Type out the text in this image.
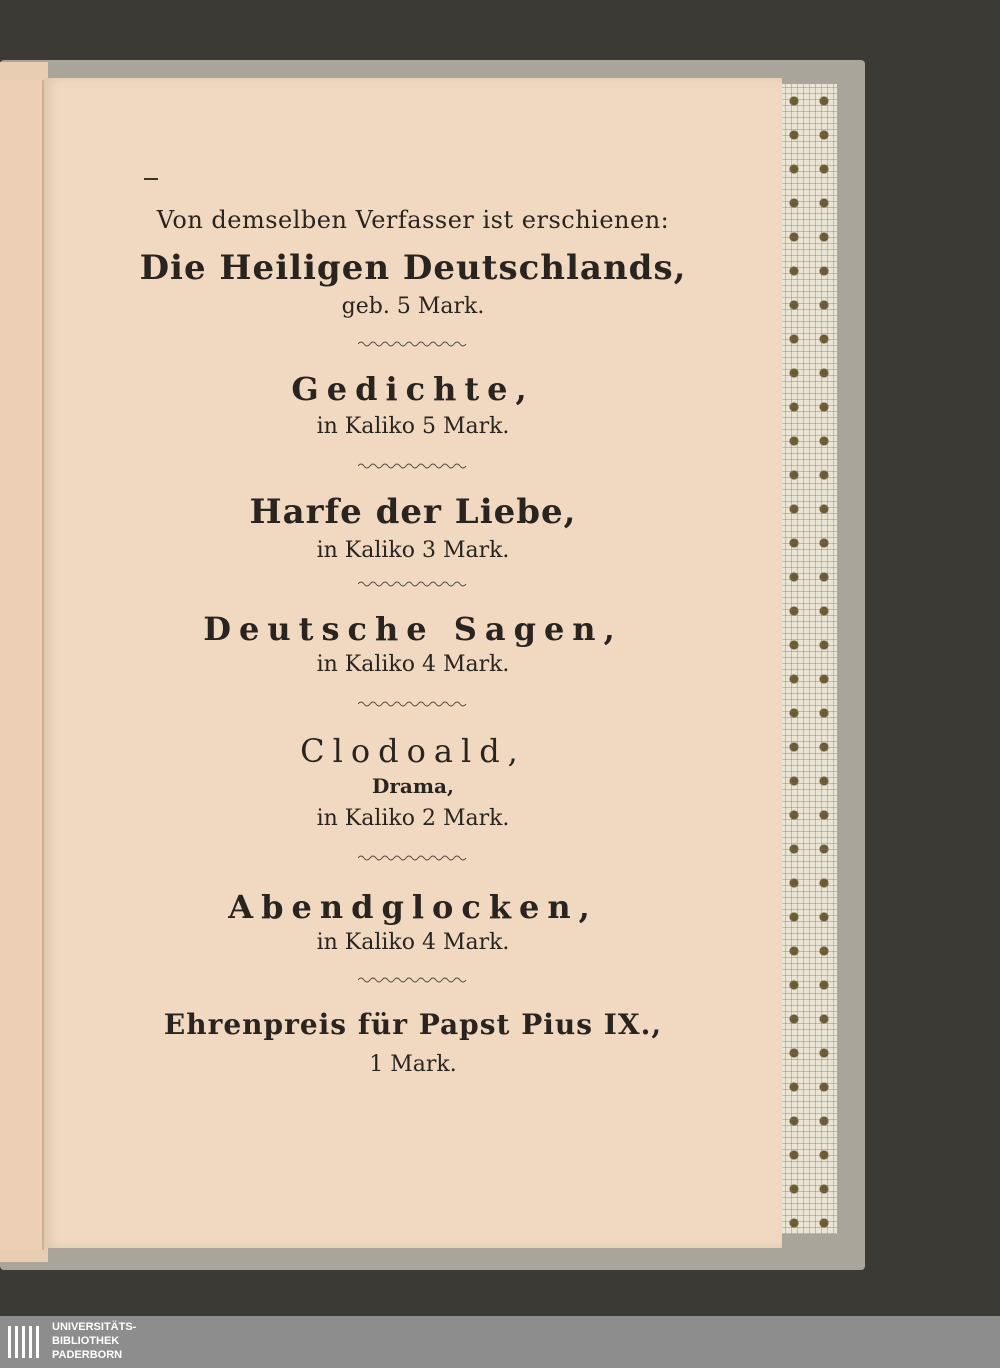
Von demselben Verfasser ist erschienen:
Die Heiligen Deutschlands,
geb. 5 Mark.
Gedichte,
in Kaliko 5 Mark.
Harfe der Liebe,
in Kaliko 3 Mark.
Deutsche Sagen,
in Kaliko 4 Mark.
Clodoald,
Drama,
in Kaliko 2 Mark.
Abendglocken,
in Kaliko 4 Mark.
Ehrenpreis für Papst Pius IX.,
1 Mark.
UNIVERSITÄTS-
BIBLIOTHEK
PADERBORN
